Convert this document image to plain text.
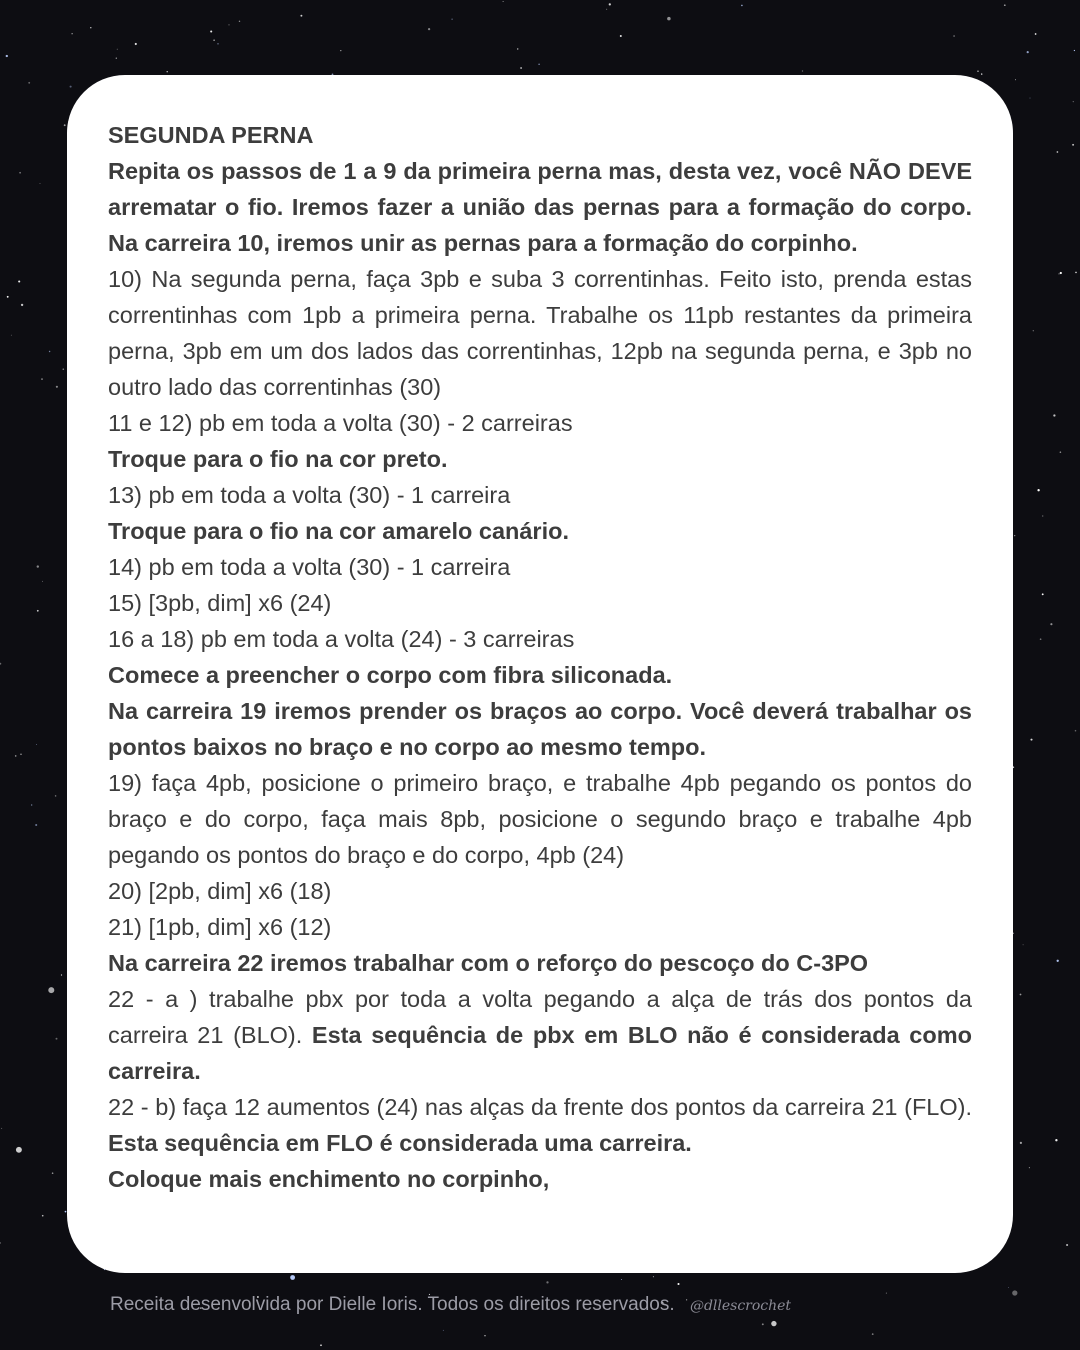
SEGUNDA PERNA

Repita os passos de 1 a 9 da primeira perna mas, desta vez, você NÃO DEVE arrematar o fio. Iremos fazer a união das pernas para a formação do corpo. Na carreira 10, iremos unir as pernas para a formação do corpinho.

10) Na segunda perna, faça 3pb e suba 3 correntinhas. Feito isto, prenda estas correntinhas com 1pb a primeira perna. Trabalhe os 11pb restantes da primeira perna, 3pb em um dos lados das correntinhas, 12pb na segunda perna, e 3pb no outro lado das correntinhas (30)

11 e 12) pb em toda a volta (30) - 2 carreiras

Troque para o fio na cor preto.

13) pb em toda a volta (30) - 1 carreira

Troque para o fio na cor amarelo canário.

14) pb em toda a volta (30) - 1 carreira

15) [3pb, dim] x6 (24)

16 a 18) pb em toda a volta (24) - 3 carreiras

Comece a preencher o corpo com fibra siliconada.

Na carreira 19 iremos prender os braços ao corpo. Você deverá trabalhar os pontos baixos no braço e no corpo ao mesmo tempo.

19) faça 4pb, posicione o primeiro braço, e trabalhe 4pb pegando os pontos do braço e do corpo, faça mais 8pb, posicione o segundo braço e trabalhe 4pb pegando os pontos do braço e do corpo, 4pb (24)

20) [2pb, dim] x6 (18)

21) [1pb, dim] x6 (12)

Na carreira 22 iremos trabalhar com o reforço do pescoço do C-3PO

22 - a ) trabalhe pbx por toda a volta pegando a alça de trás dos pontos da carreira 21 (BLO). Esta sequência de pbx em BLO não é considerada como carreira.

22 - b) faça 12 aumentos (24) nas alças da frente dos pontos da carreira 21 (FLO). Esta sequência em FLO é considerada uma carreira.

Coloque mais enchimento no corpinho,

Receita desenvolvida por Dielle Ioris. Todos os direitos reservados. @dllescrochet
